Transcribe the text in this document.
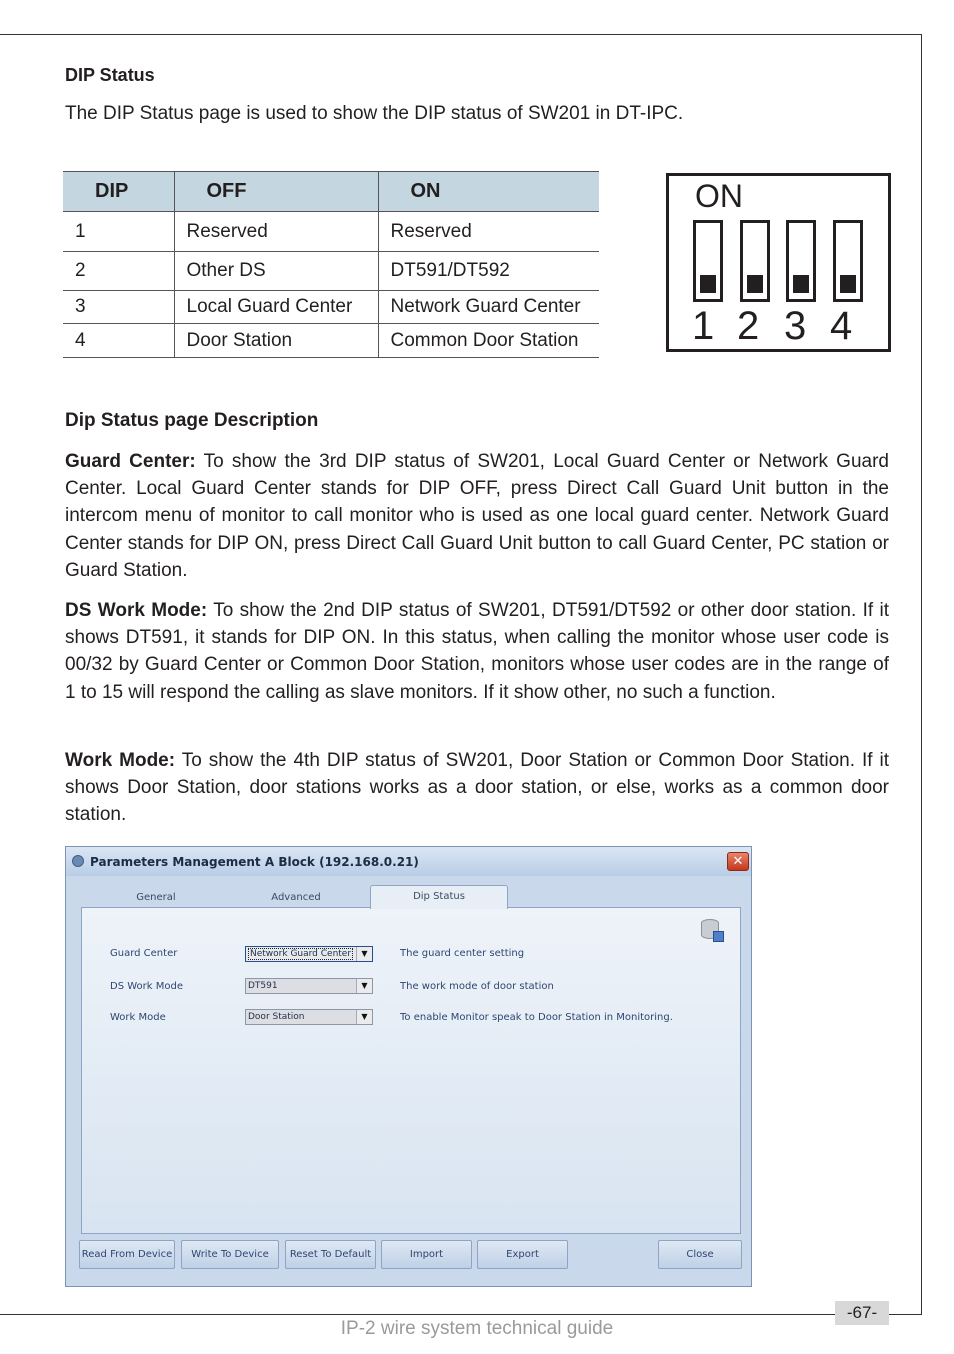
DIP Status
The DIP Status page is used to show the DIP status of SW201 in DT-IPC.
DIP	OFF	ON
1	Reserved	Reserved
2	Other DS	DT591/DT592
3	Local Guard Center	Network Guard Center
4	Door Station	Common Door Station
ON
1 2 3 4
Dip Status page Description
Guard Center: To show the 3rd DIP status of SW201, Local Guard Center or Network Guard Center. Local Guard Center stands for DIP OFF, press Direct Call Guard Unit button in the intercom menu of monitor to call monitor who is used as one local guard center. Network Guard Center stands for DIP ON, press Direct Call Guard Unit button to call Guard Center, PC station or Guard Station.
DS Work Mode: To show the 2nd DIP status of SW201, DT591/DT592 or other door station. If it shows DT591, it stands for DIP ON. In this status, when calling the monitor whose user code is 00/32 by Guard Center or Common Door Station, monitors whose user codes are in the range of 1 to 15 will respond the calling as slave monitors. If it show other, no such a function.
Work Mode: To show the 4th DIP status of SW201, Door Station or Common Door Station. If it shows Door Station, door stations works as a door station, or else, works as a common door station.
Parameters Management A Block (192.168.0.21)	✕
General	Advanced
Guard Center	Network Guard Center	▼	The guard center setting
DS Work Mode	DT591	▼	The work mode of door station
Work Mode	Door Station	▼	To enable Monitor speak to Door Station in Monitoring.
Dip Status
Read From Device	Write To Device	Reset To Default	Import	Export	Close
-67-
IP-2 wire system technical guide
